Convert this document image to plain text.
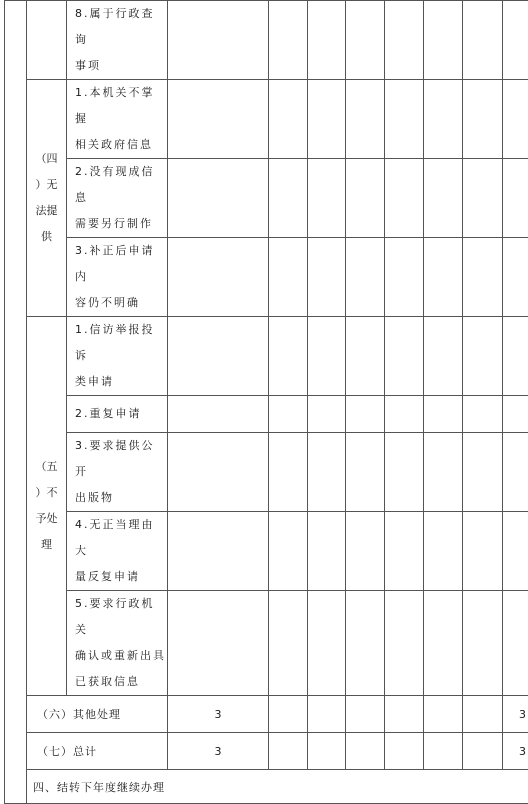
		8.属于行政查询
事项								

	（四
）无
法提
供	1.本机关不掌握
相关政府信息								

		2.没有现成信息
需要另行制作								

		3.补正后申请内
容仍不明确								

	（五
）不
予处
理	1.信访举报投诉
类申请								

		2.重复申请								

		3.要求提供公开
出版物								

		4.无正当理由大
量反复申请								

		5.要求行政机关
确认或重新出具
已获取信息								

	（六）其他处理		3							3
	（七）总计		3							3
	四、结转下年度继续办理									
